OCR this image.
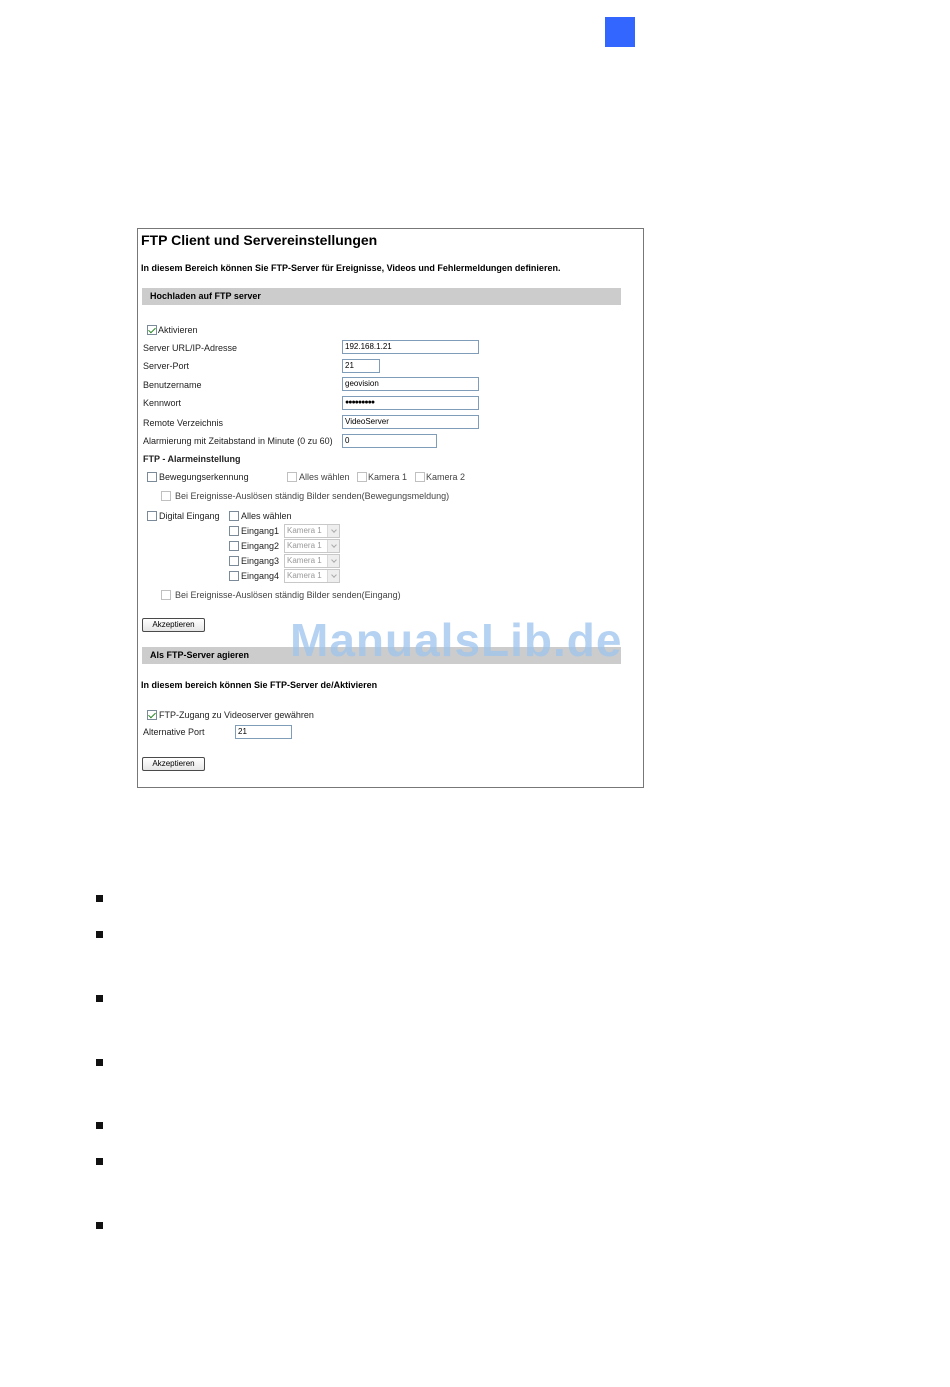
FTP Client und Servereinstellungen
In diesem Bereich können Sie FTP-Server für Ereignisse, Videos und Fehlermeldungen definieren.
Hochladen auf FTP server
Aktivieren
Server URL/IP-Adresse	192.168.1.21
Server-Port	21
Benutzername	geovision
Kennwort	●●●●●●●●●
Remote Verzeichnis	VideoServer
Alarmierung mit Zeitabstand in Minute (0 zu 60)	0
FTP - Alarmeinstellung
Bewegungserkennung	Alles wählen Kamera 1 Kamera 2
Bei Ereignisse-Auslösen ständig Bilder senden(Bewegungsmeldung)
Digital Eingang Alles wählen
Eingang1 Kamera 1
Eingang2 Kamera 1
Eingang3 Kamera 1
Eingang4 Kamera 1
Bei Ereignisse-Auslösen ständig Bilder senden(Eingang)
Akzeptieren
Als FTP-Server agieren
In diesem bereich können Sie FTP-Server de/Aktivieren
FTP-Zugang zu Videoserver gewähren
Alternative Port	21
Akzeptieren
ManualsLib.de
